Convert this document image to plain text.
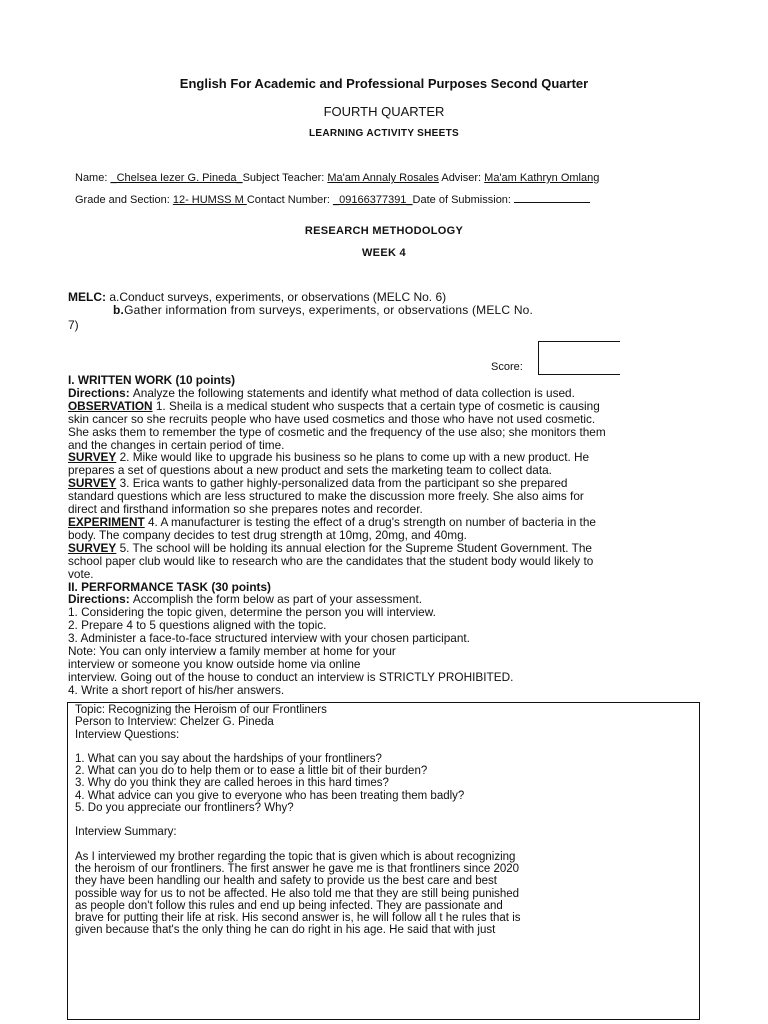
English For Academic and Professional Purposes Second Quarter
FOURTH QUARTER
LEARNING ACTIVITY SHEETS
Name: _Chelsea Iezer G. Pineda_Subject Teacher: Ma'am Annaly Rosales Adviser: Ma'am Kathryn Omlang
Grade and Section: 12- HUMSS M Contact Number: _09166377391_Date of Submission:
RESEARCH METHODOLOGY
WEEK 4
MELC: a.Conduct surveys, experiments, or observations (MELC No. 6)
b.Gather information from surveys, experiments, or observations (MELC No.
7)
Score:

I. WRITTEN WORK (10 points)

Directions: Analyze the following statements and identify what method of data collection is used.

OBSERVATION 1. Sheila is a medical student who suspects that a certain type of cosmetic is causing

skin cancer so she recruits people who have used cosmetics and those who have not used cosmetic.

She asks them to remember the type of cosmetic and the frequency of the use also; she monitors them

and the changes in certain period of time.

SURVEY 2. Mike would like to upgrade his business so he plans to come up with a new product. He

prepares a set of questions about a new product and sets the marketing team to collect data.

SURVEY 3. Erica wants to gather highly-personalized data from the participant so she prepared

standard questions which are less structured to make the discussion more freely. She also aims for

direct and firsthand information so she prepares notes and recorder.

EXPERIMENT 4. A manufacturer is testing the effect of a drug's strength on number of bacteria in the

body. The company decides to test drug strength at 10mg, 20mg, and 40mg.

SURVEY 5. The school will be holding its annual election for the Supreme Student Government. The

school paper club would like to research who are the candidates that the student body would likely to

vote.

II. PERFORMANCE TASK (30 points)

Directions: Accomplish the form below as part of your assessment.

1. Considering the topic given, determine the person you will interview.

2. Prepare 4 to 5 questions aligned with the topic.

3. Administer a face-to-face structured interview with your chosen participant.

Note: You can only interview a family member at home for your

interview or someone you know outside home via online

interview. Going out of the house to conduct an interview is STRICTLY PROHIBITED.

4. Write a short report of his/her answers.

Topic: Recognizing the Heroism of our Frontliners

Person to Interview: Chelzer G. Pineda

Interview Questions:

1. What can you say about the hardships of your frontliners?

2. What can you do to help them or to ease a little bit of their burden?

3. Why do you think they are called heroes in this hard times?

4. What advice can you give to everyone who has been treating them badly?

5. Do you appreciate our frontliners? Why?

Interview Summary:

As I interviewed my brother regarding the topic that is given which is about recognizing

the heroism of our frontliners. The first answer he gave me is that frontliners since 2020

they have been handling our health and safety to provide us the best care and best

possible way for us to not be affected. He also told me that they are still being punished

as people don't follow this rules and end up being infected. They are passionate and

brave for putting their life at risk. His second answer is, he will follow all t he rules that is

given because that's the only thing he can do right in his age. He said that with just
